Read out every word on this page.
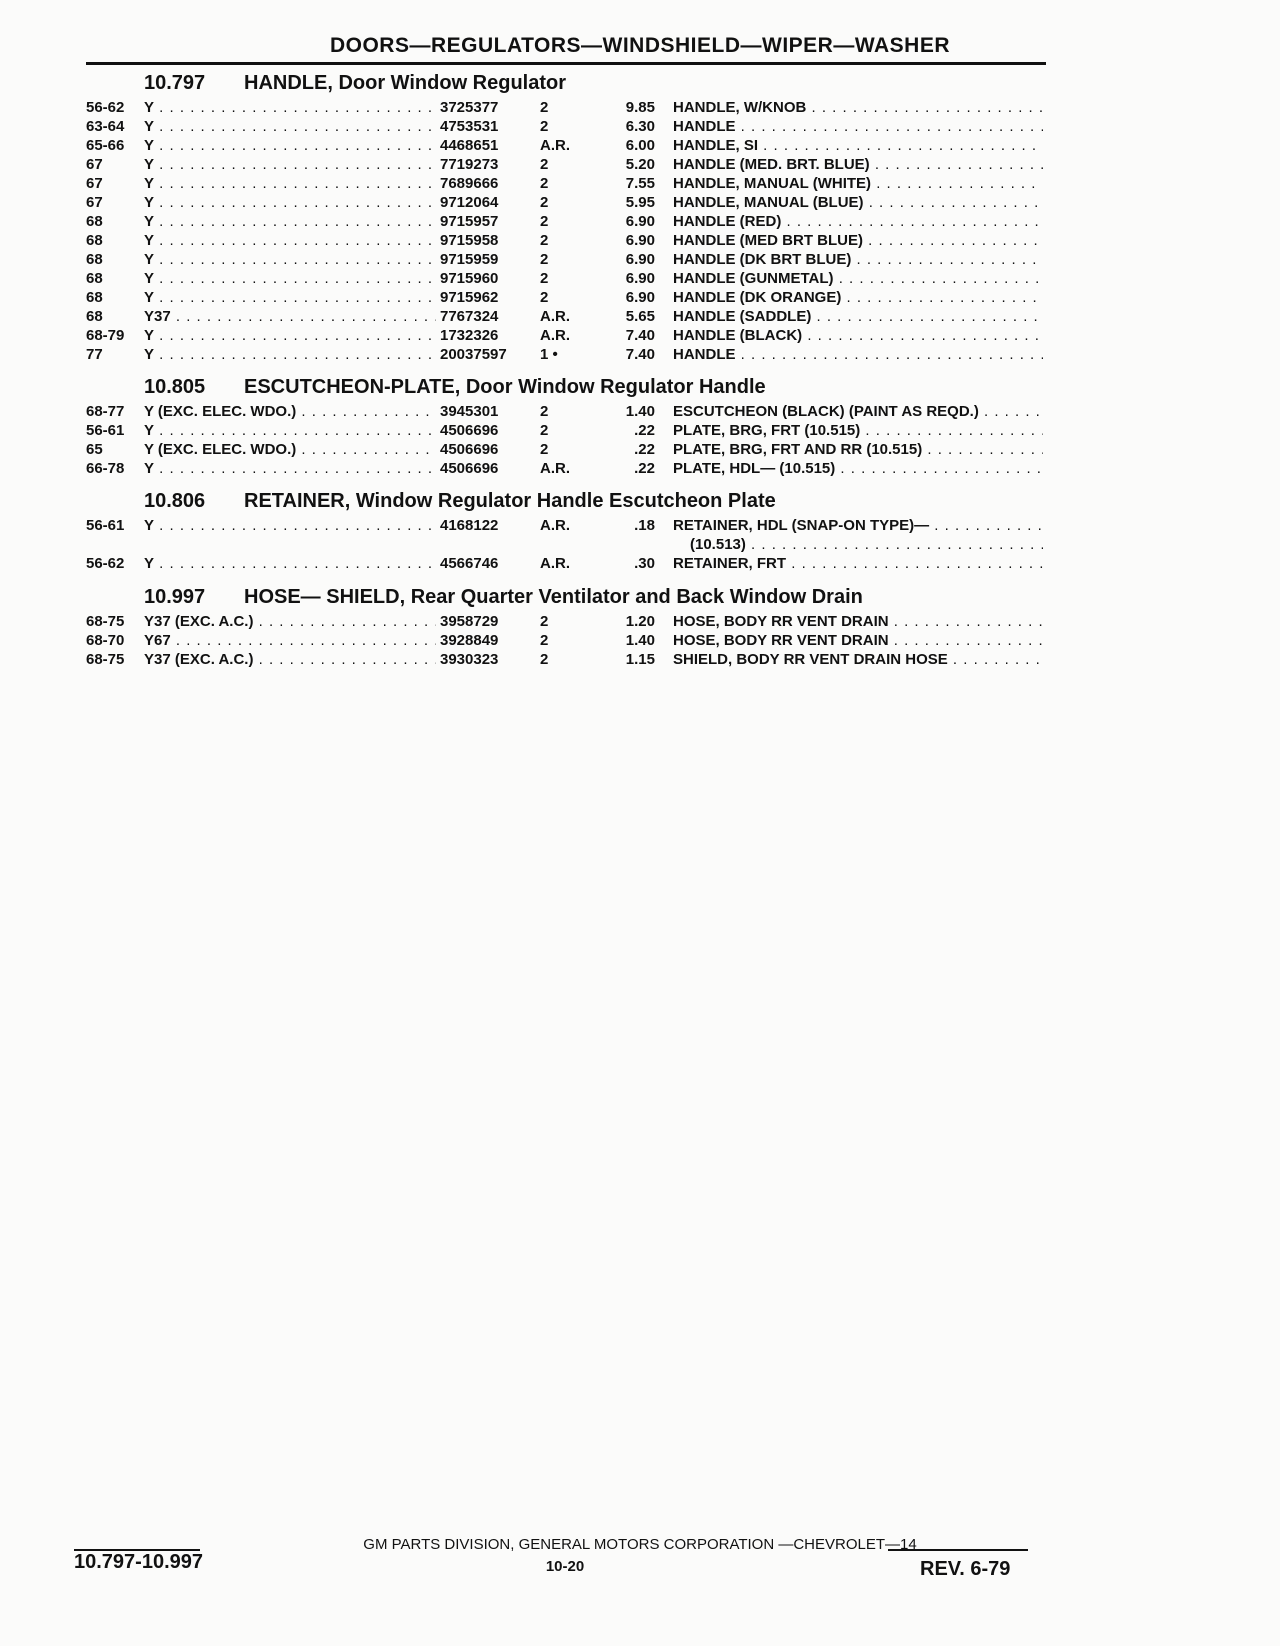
DOORS—REGULATORS—WINDSHIELD—WIPER—WASHER
10.797 HANDLE, Door Window Regulator
56-62	Y . . .	3725377	2	9.85 HANDLE, W/KNOB . . .
63-64	Y . . .	4753531	2	6.30 HANDLE . . .
65-66	Y . . .	4468651	A.R.	6.00 HANDLE, SI . . .
67	Y . . .	7719273	2	5.20 HANDLE (MED. BRT. BLUE) . . .
67	Y . . .	7689666	2	7.55 HANDLE, MANUAL (WHITE) . . .
67	Y . . .	9712064	2	5.95 HANDLE, MANUAL (BLUE) . . .
68	Y . . .	9715957	2	6.90 HANDLE (RED) . . .
68	Y . . .	9715958	2	6.90 HANDLE (MED BRT BLUE) . . .
68	Y . . .	9715959	2	6.90 HANDLE (DK BRT BLUE) . . .
68	Y . . .	9715960	2	6.90 HANDLE (GUNMETAL) . . .
68	Y . . .	9715962	2	6.90 HANDLE (DK ORANGE) . . .
68	Y37 . . .	7767324	A.R.	5.65 HANDLE (SADDLE) . . .
68-79	Y . . .	1732326	A.R.	7.40 HANDLE (BLACK) . . .
77	Y . . .	20037597	1 •	7.40 HANDLE . . .
10.805 ESCUTCHEON-PLATE, Door Window Regulator Handle
68-77	Y (EXC. ELEC. WDO.) . . .	3945301	2	1.40 ESCUTCHEON (BLACK) (PAINT AS REQD.) . . .
56-61	Y . . .	4506696	2	.22 PLATE, BRG, FRT (10.515) . . .
65	Y (EXC. ELEC. WDO.) . . .	4506696	2	.22 PLATE, BRG, FRT AND RR (10.515) . . .
66-78	Y . . .	4506696	A.R.	.22 PLATE, HDL— (10.515) . . .
10.806 RETAINER, Window Regulator Handle Escutcheon Plate
56-61	Y . . .	4168122	A.R.	.18 RETAINER, HDL (SNAP-ON TYPE)— . . .
(10.513) . . .
56-62	Y . . .	4566746	A.R.	.30 RETAINER, FRT . . .
10.997 HOSE— SHIELD, Rear Quarter Ventilator and Back Window Drain
68-75	Y37 (EXC. A.C.) . . .	3958729	2	1.20 HOSE, BODY RR VENT DRAIN . . .
68-70	Y67 . . .	3928849	2	1.40 HOSE, BODY RR VENT DRAIN . . .
68-75	Y37 (EXC. A.C.) . . .	3930323	2	1.15 SHIELD, BODY RR VENT DRAIN HOSE . . .
GM PARTS DIVISION, GENERAL MOTORS CORPORATION —CHEVROLET—14
10.797-10.997	10-20	REV. 6-79
